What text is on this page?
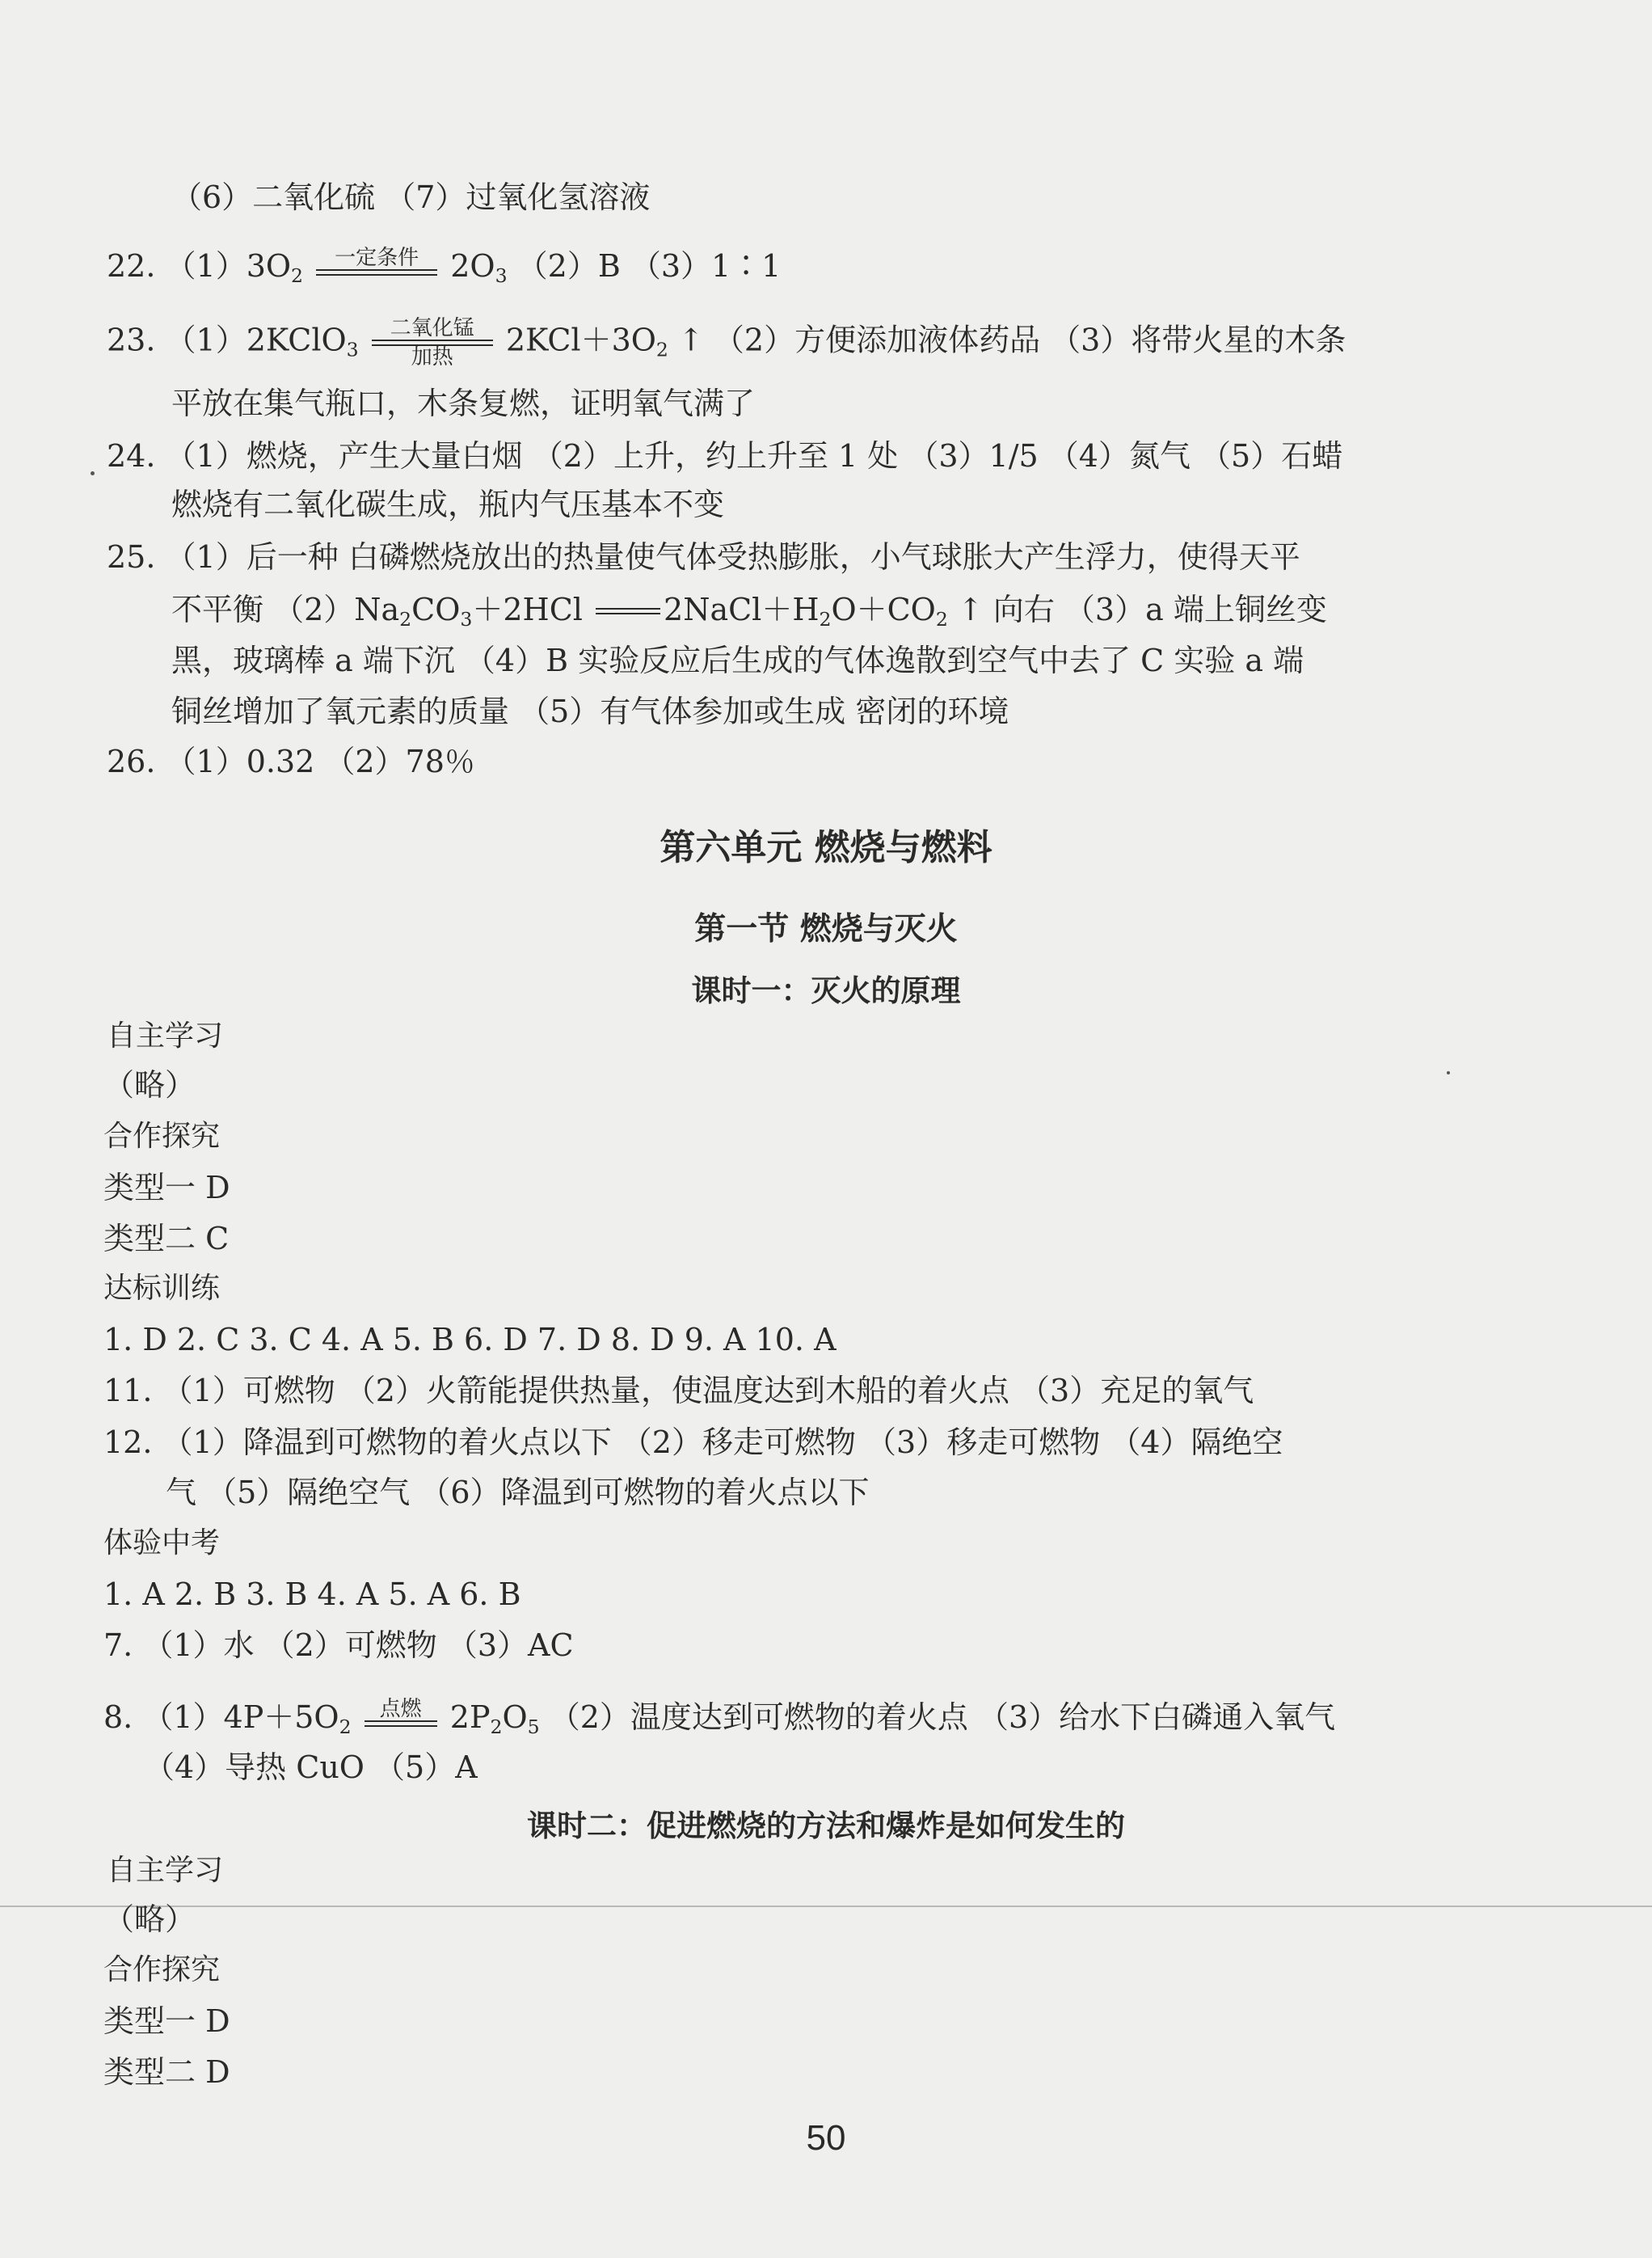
（6）二氧化硫 （7）过氧化氢溶液
22. $(1)3O_2$
一定条件	$2O_3$ （2）B （3）1∶1
23. （1）2KClO$_3$
二氧化锰
加热	$2KCl+3O_2$ ↑ （2）方便添加液体药品 （3）将带火星的木条
平放在集气瓶口，木条复燃，证明氧气满了
24. （1）燃烧，产生大量白烟 （2）上升，约上升至 1 处 （3）1/5 （4）氮气 （5）石蜡
燃烧有二氧化碳生成，瓶内气压基本不变
25. （1）后一种 白磷燃烧放出的热量使气体受热膨胀，小气球胀大产生浮力，使得天平
不平衡 $(2)Na_2CO_3+2HCl$	$2NaCl+H_2O+CO_2$ ↑ 向右 （3）a 端上铜丝变
黑，玻璃棒 a 端下沉 （4）B 实验反应后生成的气体逸散到空气中去了 C 实验 a 端
铜丝增加了氧元素的质量 （5）有气体参加或生成 密闭的环境
26. （1）0.32 （2）78％
第六单元 燃烧与燃料
第一节 燃烧与灭火
课时一：灭火的原理
自主学习
（略）
合作探究
类型一 D
类型二 C
达标训练
1. D 2. C 3. C 4. A 5. B 6. D 7. D 8. D 9. A 10. A
11. （1）可燃物 （2）火箭能提供热量，使温度达到木船的着火点 （3）充足的氧气
12. （1）降温到可燃物的着火点以下 （2）移走可燃物 （3）移走可燃物 （4）隔绝空
气 （5）隔绝空气 （6）降温到可燃物的着火点以下
体验中考
1. A 2. B 3. B 4. A 5. A 6. B
7. （1）水 （2）可燃物 （3）AC
8. $(1)4P+5O_2$
点燃 $2P_2O_5$ （2）温度达到可燃物的着火点 （3）给水下白磷通入氧气
（4）导热 CuO （5）A
课时二：促进燃烧的方法和爆炸是如何发生的
自主学习
（略）
合作探究
类型一 D
类型二 D
50
